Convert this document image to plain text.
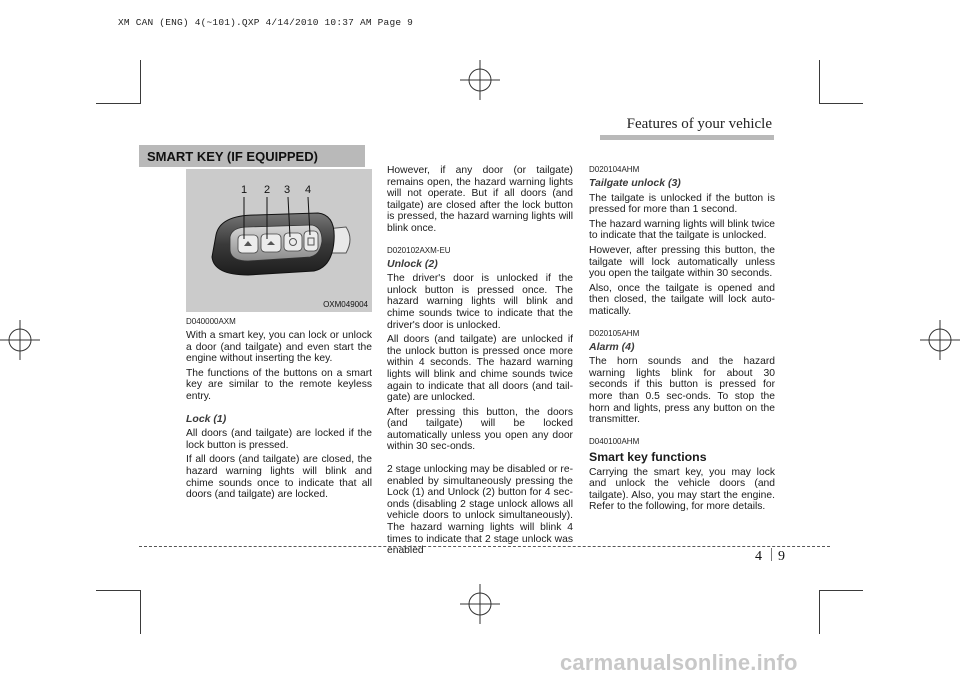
XM CAN (ENG) 4(~101).QXP 4/14/2010 10:37 AM Page 9
Features of your vehicle
SMART KEY (IF EQUIPPED)
1 2 3 4
OXM049004

D040000AXM

With a smart key, you can lock or unlock a door (and tailgate) and even start the engine without inserting the key.

The functions of the buttons on a smart key are similar to the remote keyless entry.

Lock (1)

All doors (and tailgate) are locked if the lock button is pressed.

If all doors (and tailgate) are closed, the hazard warning lights will blink and chime sounds once to indicate that all doors (and tailgate) are locked.

However, if any door (or tailgate) remains open, the hazard warning lights will not operate. But if all doors (and tailgate) are closed after the lock button is pressed, the hazard warning lights will blink once.

D020102AXM-EU

Unlock (2)

The driver's door is unlocked if the unlock button is pressed once. The hazard warning lights will blink and chime sounds twice to indicate that the driver's door is unlocked.

All doors (and tailgate) are unlocked if the unlock button is pressed once more within 4 seconds. The hazard warning lights will blink and chime sounds twice again to indicate that all doors (and tail-gate) are unlocked.

After pressing this button, the doors (and tailgate) will be locked automatically unless you open any door within 30 sec-onds.

2 stage unlocking may be disabled or re-enabled by simultaneously pressing the Lock (1) and Unlock (2) button for 4 sec-onds (disabling 2 stage unlock allows all vehicle doors to unlock simultaneously). The hazard warning lights will blink 4 times to indicate that 2 stage unlock was enabled

D020104AHM

Tailgate unlock (3)

The tailgate is unlocked if the button is pressed for more than 1 second.

The hazard warning lights will blink twice to indicate that the tailgate is unlocked.

However, after pressing this button, the tailgate will lock automatically unless you open the tailgate within 30 seconds.

Also, once the tailgate is opened and then closed, the tailgate will lock auto-matically.

D020105AHM

Alarm (4)

The horn sounds and the hazard warning lights blink for about 30 seconds if this button is pressed for more than 0.5 sec-onds. To stop the horn and lights, press any button on the transmitter.

D040100AHM

Smart key functions

Carrying the smart key, you may lock and unlock the vehicle doors (and tailgate). Also, you may start the engine. Refer to the following, for more details.

4 9
carmanualsonline.info
